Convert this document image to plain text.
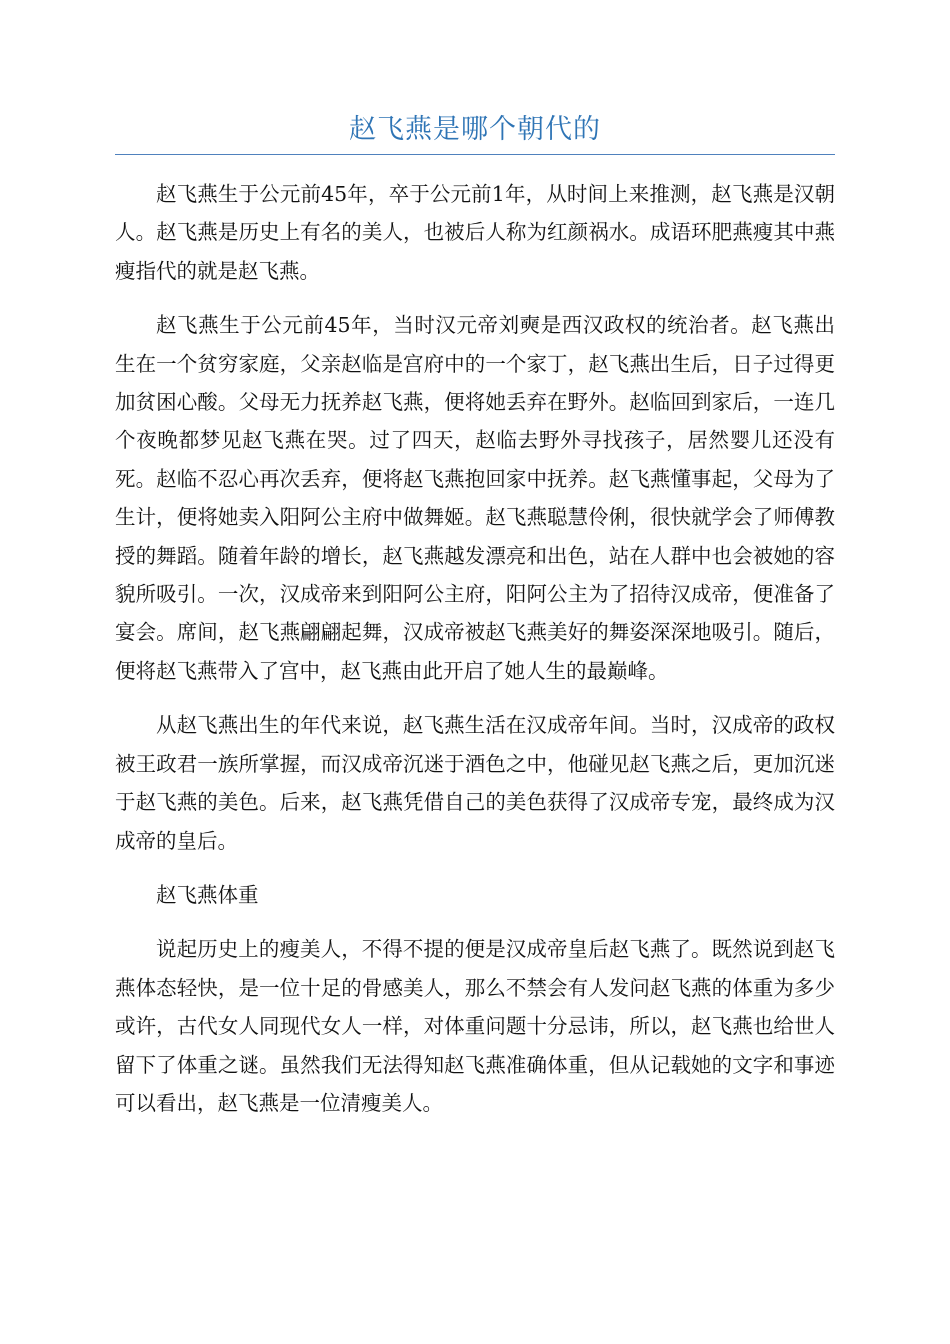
赵飞燕是哪个朝代的

赵飞燕生于公元前45年，卒于公元前1年，从时间上来推测，赵飞燕是汉朝人。赵飞燕是历史上有名的美人，也被后人称为红颜祸水。成语环肥燕瘦其中燕瘦指代的就是赵飞燕。

赵飞燕生于公元前45年，当时汉元帝刘奭是西汉政权的统治者。赵飞燕出生在一个贫穷家庭，父亲赵临是宫府中的一个家丁，赵飞燕出生后，日子过得更加贫困心酸。父母无力抚养赵飞燕，便将她丢弃在野外。赵临回到家后，一连几个夜晚都梦见赵飞燕在哭。过了四天，赵临去野外寻找孩子，居然婴儿还没有死。赵临不忍心再次丢弃，便将赵飞燕抱回家中抚养。赵飞燕懂事起，父母为了生计，便将她卖入阳阿公主府中做舞姬。赵飞燕聪慧伶俐，很快就学会了师傅教授的舞蹈。随着年龄的增长，赵飞燕越发漂亮和出色，站在人群中也会被她的容貌所吸引。一次，汉成帝来到阳阿公主府，阳阿公主为了招待汉成帝，便准备了宴会。席间，赵飞燕翩翩起舞，汉成帝被赵飞燕美好的舞姿深深地吸引。随后，便将赵飞燕带入了宫中，赵飞燕由此开启了她人生的最巅峰。

从赵飞燕出生的年代来说，赵飞燕生活在汉成帝年间。当时，汉成帝的政权被王政君一族所掌握，而汉成帝沉迷于酒色之中，他碰见赵飞燕之后，更加沉迷于赵飞燕的美色。后来，赵飞燕凭借自己的美色获得了汉成帝专宠，最终成为汉成帝的皇后。

赵飞燕体重

说起历史上的瘦美人，不得不提的便是汉成帝皇后赵飞燕了。既然说到赵飞燕体态轻快，是一位十足的骨感美人，那么不禁会有人发问赵飞燕的体重为多少或许，古代女人同现代女人一样，对体重问题十分忌讳，所以，赵飞燕也给世人留下了体重之谜。虽然我们无法得知赵飞燕准确体重，但从记载她的文字和事迹可以看出，赵飞燕是一位清瘦美人。
